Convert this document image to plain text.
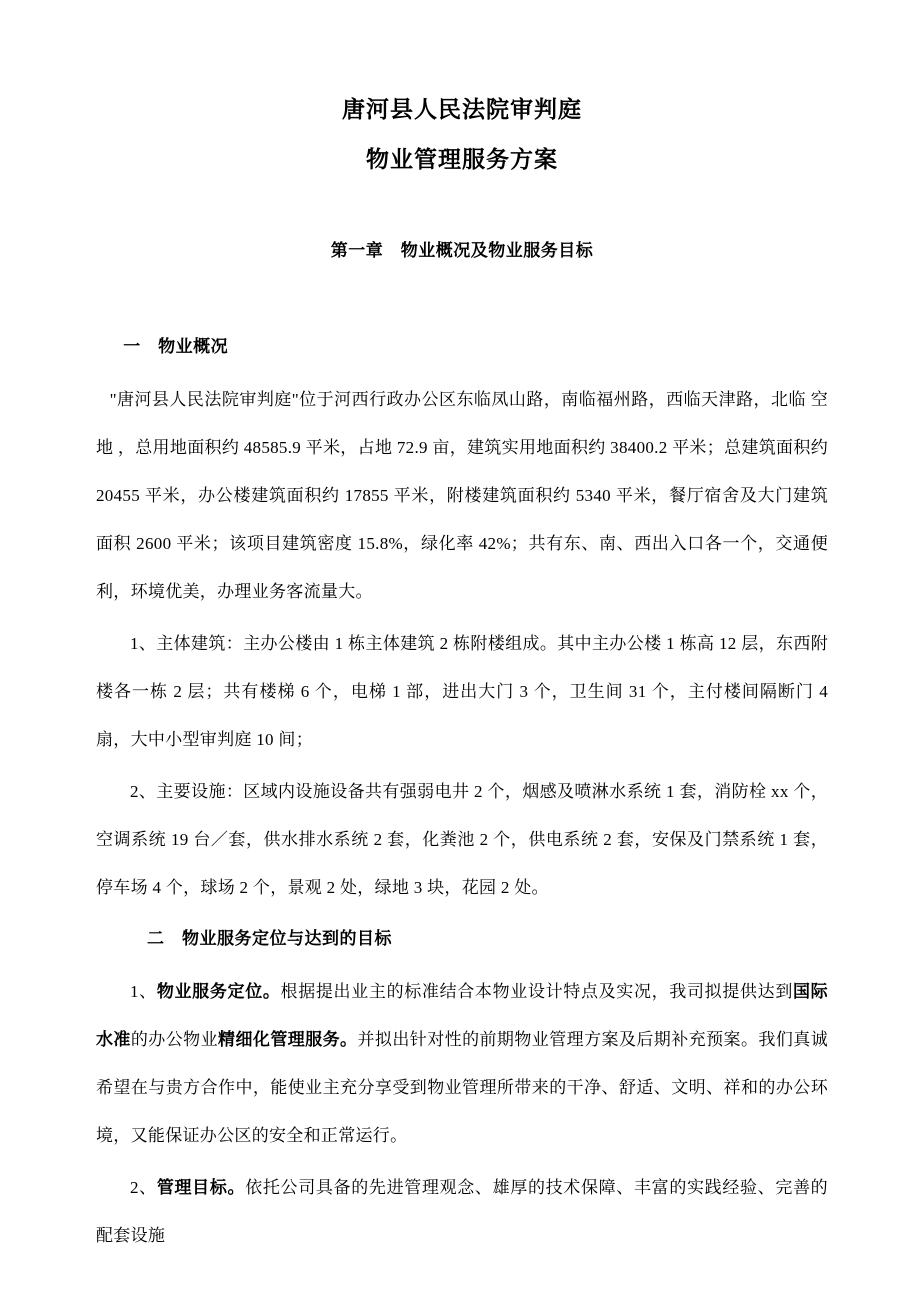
唐河县人民法院审判庭
物业管理服务方案
第一章　物业概况及物业服务目标
一　物业概况

"唐河县人民法院审判庭"位于河西行政办公区东临凤山路，南临福州路，西临天津路，北临 空地 ，总用地面积约 48585.9 平米，占地 72.9 亩，建筑实用地面积约 38400.2 平米；总建筑面积约 20455 平米，办公楼建筑面积约 17855 平米，附楼建筑面积约 5340 平米，餐厅宿舍及大门建筑面积 2600 平米；该项目建筑密度 15.8%，绿化率 42%；共有东、南、西出入口各一个，交通便利，环境优美，办理业务客流量大。

1、主体建筑：主办公楼由 1 栋主体建筑 2 栋附楼组成。其中主办公楼 1 栋高 12 层，东西附楼各一栋 2 层；共有楼梯 6 个，电梯 1 部，进出大门 3 个，卫生间 31 个，主付楼间隔断门 4 扇，大中小型审判庭 10 间；

2、主要设施：区域内设施设备共有强弱电井 2 个，烟感及喷淋水系统 1 套，消防栓 xx 个，空调系统 19 台／套，供水排水系统 2 套，化粪池 2 个，供电系统 2 套，安保及门禁系统 1 套，停车场 4 个，球场 2 个，景观 2 处，绿地 3 块，花园 2 处。

二　物业服务定位与达到的目标

1、物业服务定位。根据提出业主的标准结合本物业设计特点及实况，我司拟提供达到国际水准的办公物业精细化管理服务。并拟出针对性的前期物业管理方案及后期补充预案。我们真诚希望在与贵方合作中，能使业主充分享受到物业管理所带来的干净、舒适、文明、祥和的办公环境，又能保证办公区的安全和正常运行。

2、管理目标。依托公司具备的先进管理观念、雄厚的技术保障、丰富的实践经验、完善的配套设施
